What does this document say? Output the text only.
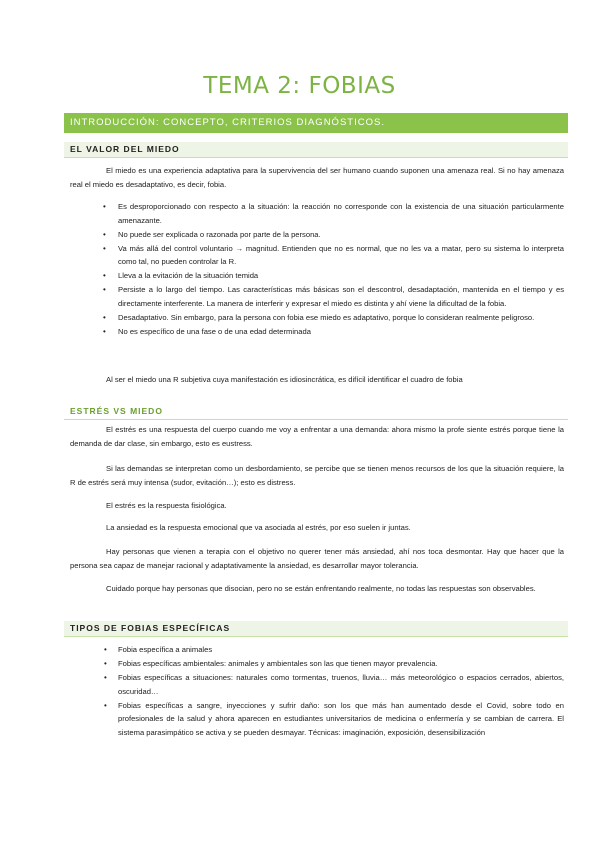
TEMA 2: FOBIAS
INTRODUCCIÓN: CONCEPTO, CRITERIOS DIAGNÓSTICOS.
EL VALOR DEL MIEDO
El miedo es una experiencia adaptativa para la supervivencia del ser humano cuando suponen una amenaza real. Si no hay amenaza real el miedo es desadaptativo, es decir, fobia.
• Es desproporcionado con respecto a la situación: la reacción no corresponde con la existencia de una situación particularmente amenazante.
• No puede ser explicada o razonada por parte de la persona.
• Va más allá del control voluntario → magnitud. Entienden que no es normal, que no les va a matar, pero su sistema lo interpreta como tal, no pueden controlar la R.
• Lleva a la evitación de la situación temida
• Persiste a lo largo del tiempo. Las características más básicas son el descontrol, desadaptación, mantenida en el tiempo y es directamente interferente. La manera de interferir y expresar el miedo es distinta y ahí viene la dificultad de la fobia.
• Desadaptativo. Sin embargo, para la persona con fobia ese miedo es adaptativo, porque lo consideran realmente peligroso.
• No es específico de una fase o de una edad determinada
Al ser el miedo una R subjetiva cuya manifestación es idiosincrática, es difícil identificar el cuadro de fobia
ESTRÉS VS MIEDO
El estrés es una respuesta del cuerpo cuando me voy a enfrentar a una demanda: ahora mismo la profe siente estrés porque tiene la demanda de dar clase, sin embargo, esto es eustress.
Si las demandas se interpretan como un desbordamiento, se percibe que se tienen menos recursos de los que la situación requiere, la R de estrés será muy intensa (sudor, evitación…); esto es distress.
El estrés es la respuesta fisiológica.
La ansiedad es la respuesta emocional que va asociada al estrés, por eso suelen ir juntas.
Hay personas que vienen a terapia con el objetivo no querer tener más ansiedad, ahí nos toca desmontar. Hay que hacer que la persona sea capaz de manejar racional y adaptativamente la ansiedad, es desarrollar mayor tolerancia.
Cuidado porque hay personas que disocian, pero no se están enfrentando realmente, no todas las respuestas son observables.
TIPOS DE FOBIAS ESPECÍFICAS
• Fobia específica a animales
• Fobias específicas ambientales: animales y ambientales son las que tienen mayor prevalencia.
• Fobias específicas a situaciones: naturales como tormentas, truenos, lluvia… más meteorológico o espacios cerrados, abiertos, oscuridad…
• Fobias específicas a sangre, inyecciones y sufrir daño: son los que más han aumentado desde el Covid, sobre todo en profesionales de la salud y ahora aparecen en estudiantes universitarios de medicina o enfermería y se cambian de carrera. El sistema parasimpático se activa y se pueden desmayar. Técnicas: imaginación, exposición, desensibilización
